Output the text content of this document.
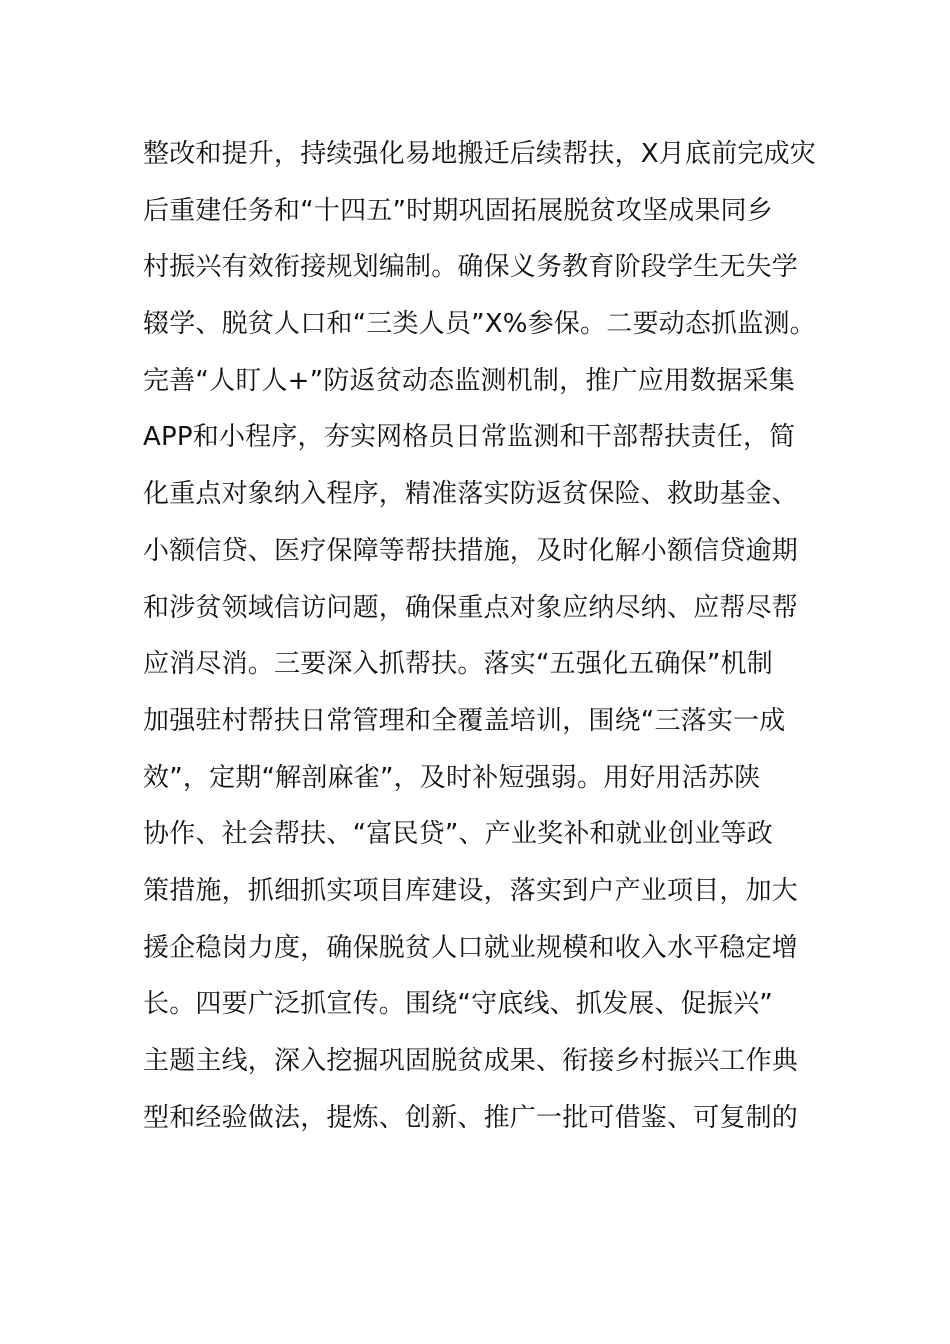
整改和提升，持续强化易地搬迁后续帮扶，X月底前完成灾
后重建任务和“十四五”时期巩固拓展脱贫攻坚成果同乡
村振兴有效衔接规划编制。确保义务教育阶段学生无失学
辍学、脱贫人口和“三类人员”X%参保。二要动态抓监测。
完善“人盯人+”防返贫动态监测机制，推广应用数据采集
APP和小程序，夯实网格员日常监测和干部帮扶责任，简
化重点对象纳入程序，精准落实防返贫保险、救助基金、
小额信贷、医疗保障等帮扶措施，及时化解小额信贷逾期
和涉贫领域信访问题，确保重点对象应纳尽纳、应帮尽帮
应消尽消。三要深入抓帮扶。落实“五强化五确保”机制
加强驻村帮扶日常管理和全覆盖培训，围绕“三落实一成
效”，定期“解剖麻雀”，及时补短强弱。用好用活苏陕
协作、社会帮扶、“富民贷”、产业奖补和就业创业等政
策措施，抓细抓实项目库建设，落实到户产业项目，加大
援企稳岗力度，确保脱贫人口就业规模和收入水平稳定增
长。四要广泛抓宣传。围绕“守底线、抓发展、促振兴”
主题主线，深入挖掘巩固脱贫成果、衔接乡村振兴工作典
型和经验做法，提炼、创新、推广一批可借鉴、可复制的
